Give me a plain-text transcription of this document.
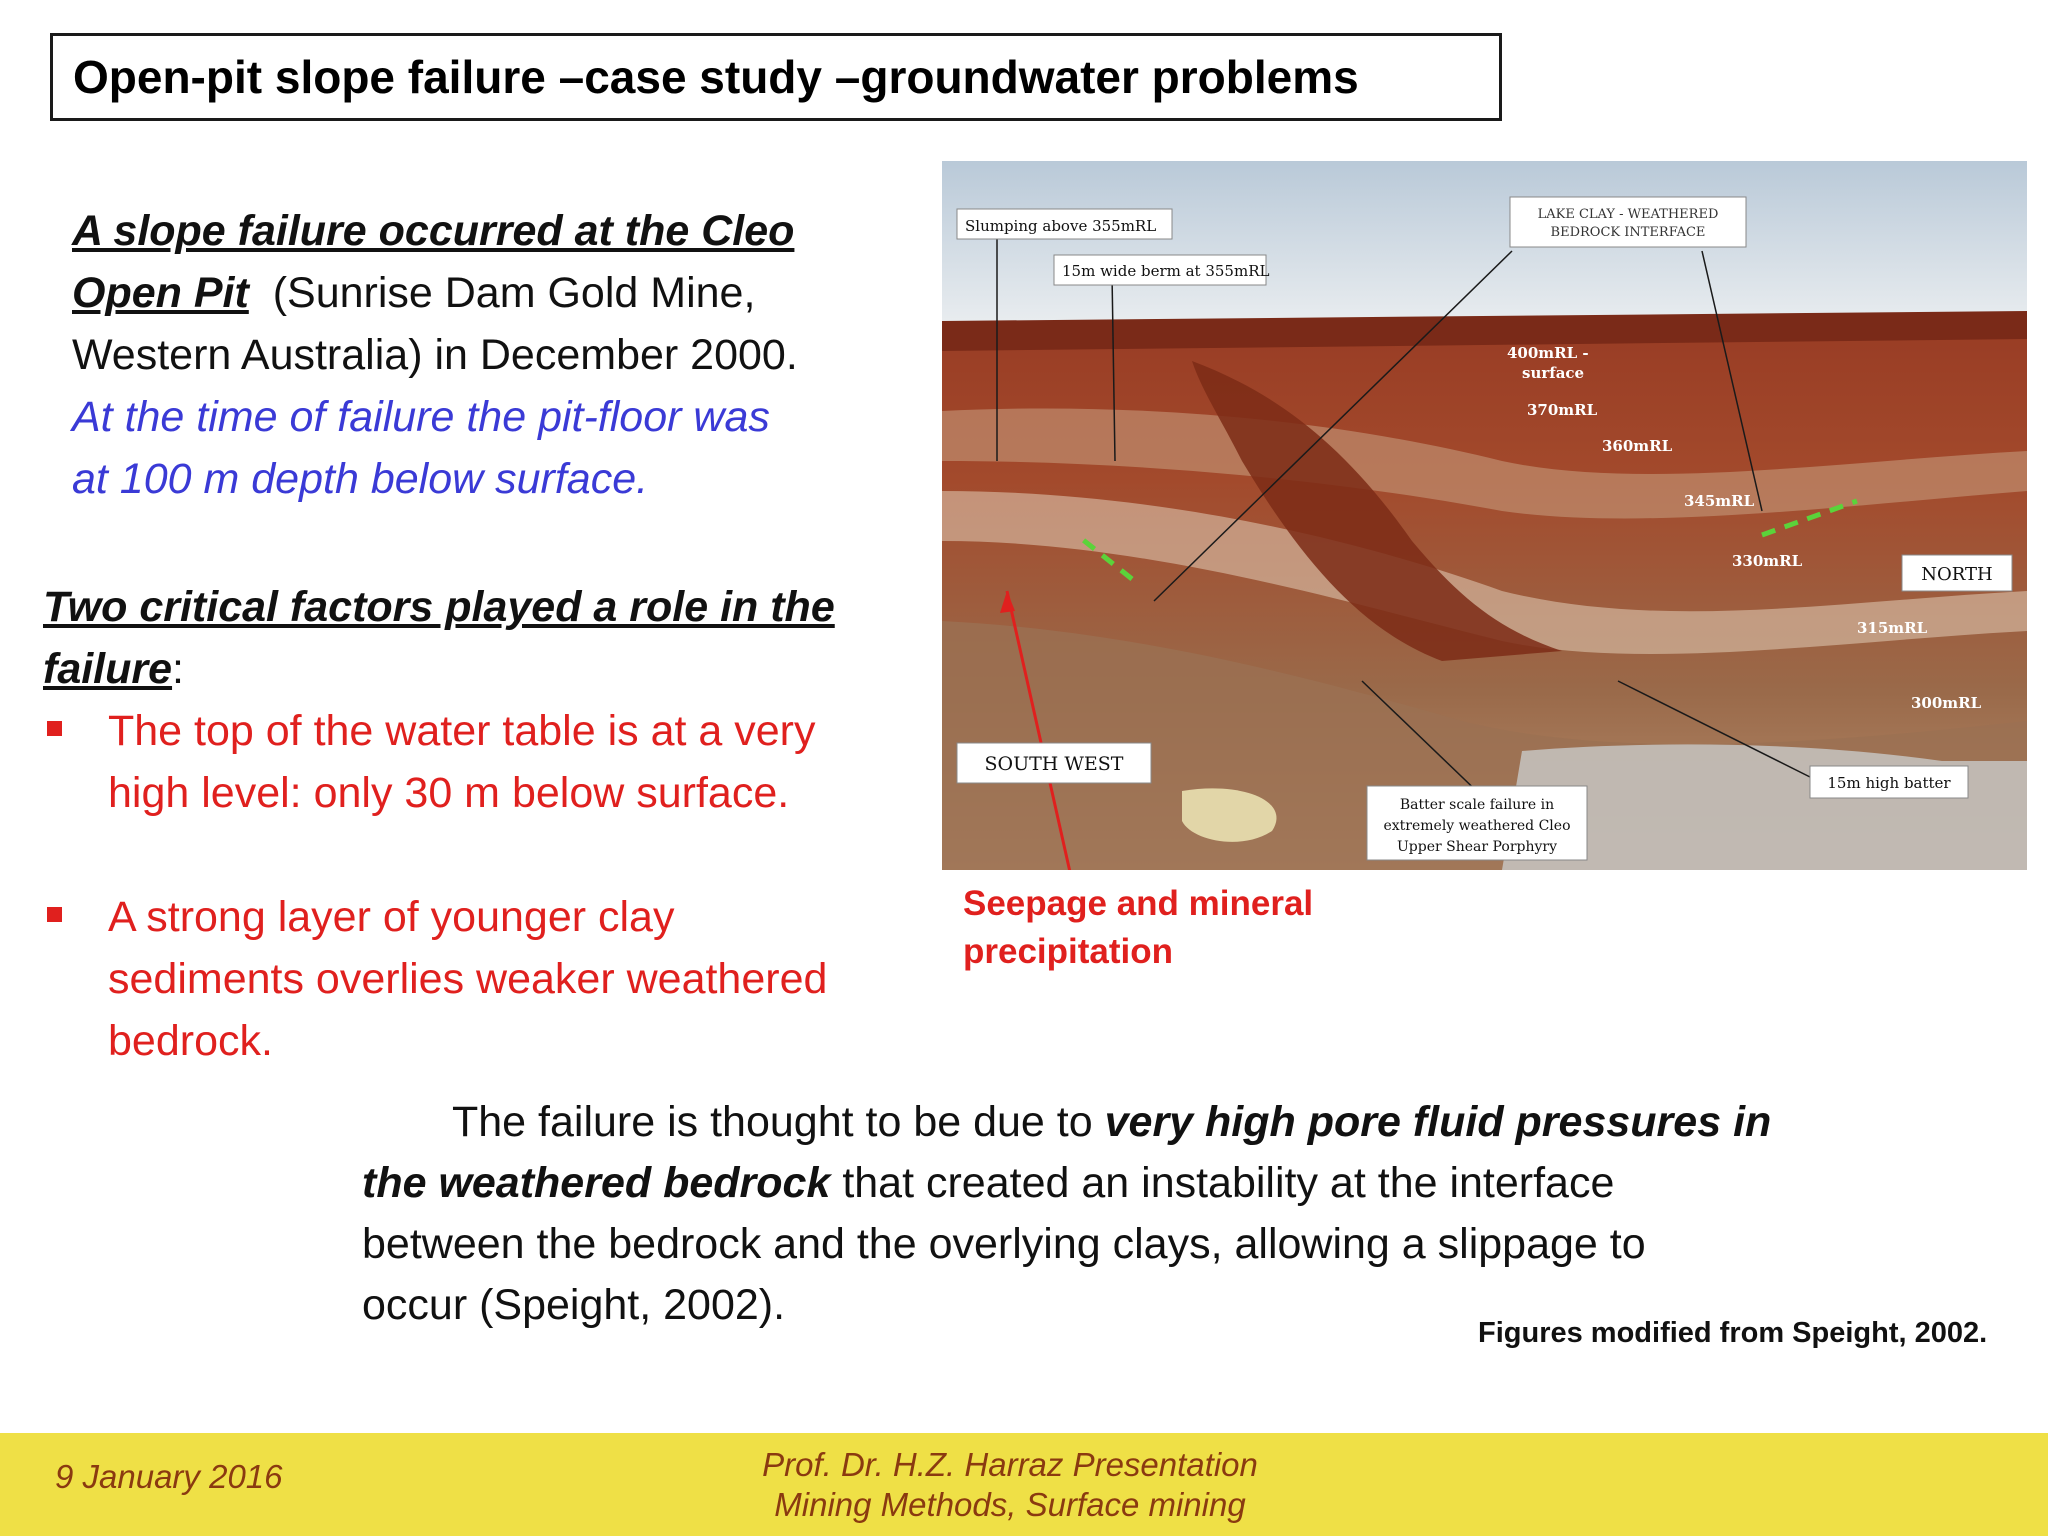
Open-pit slope failure –case study –groundwater problems
A slope failure occurred at the Cleo
Open Pit  (Sunrise Dam Gold Mine,
Western Australia) in December 2000.
At the time of failure the pit-floor was
at 100 m depth below surface.
Two critical factors played a role in the
failure:
The top of the water table is at a very
high level: only 30 m below surface.
A strong layer of younger clay
sediments overlies weaker weathered
bedrock.
Slumping above 355mRL
15m wide berm at 355mRL
LAKE CLAY - WEATHERED
BEDROCK INTERFACE
400mRL -
surface
370mRL
360mRL
345mRL
330mRL
NORTH
315mRL
300mRL
SOUTH WEST
15m high batter
Batter scale failure in
extremely weathered Cleo
Upper Shear Porphyry
Seepage and mineral
precipitation
The failure is thought to be due to very high pore fluid pressures in
the weathered bedrock that created an instability at the interface
between the bedrock and the overlying clays, allowing a slippage to
occur (Speight, 2002).
Figures modified from Speight, 2002.
9 January 2016	Prof. Dr. H.Z. Harraz Presentation
Mining Methods, Surface mining
